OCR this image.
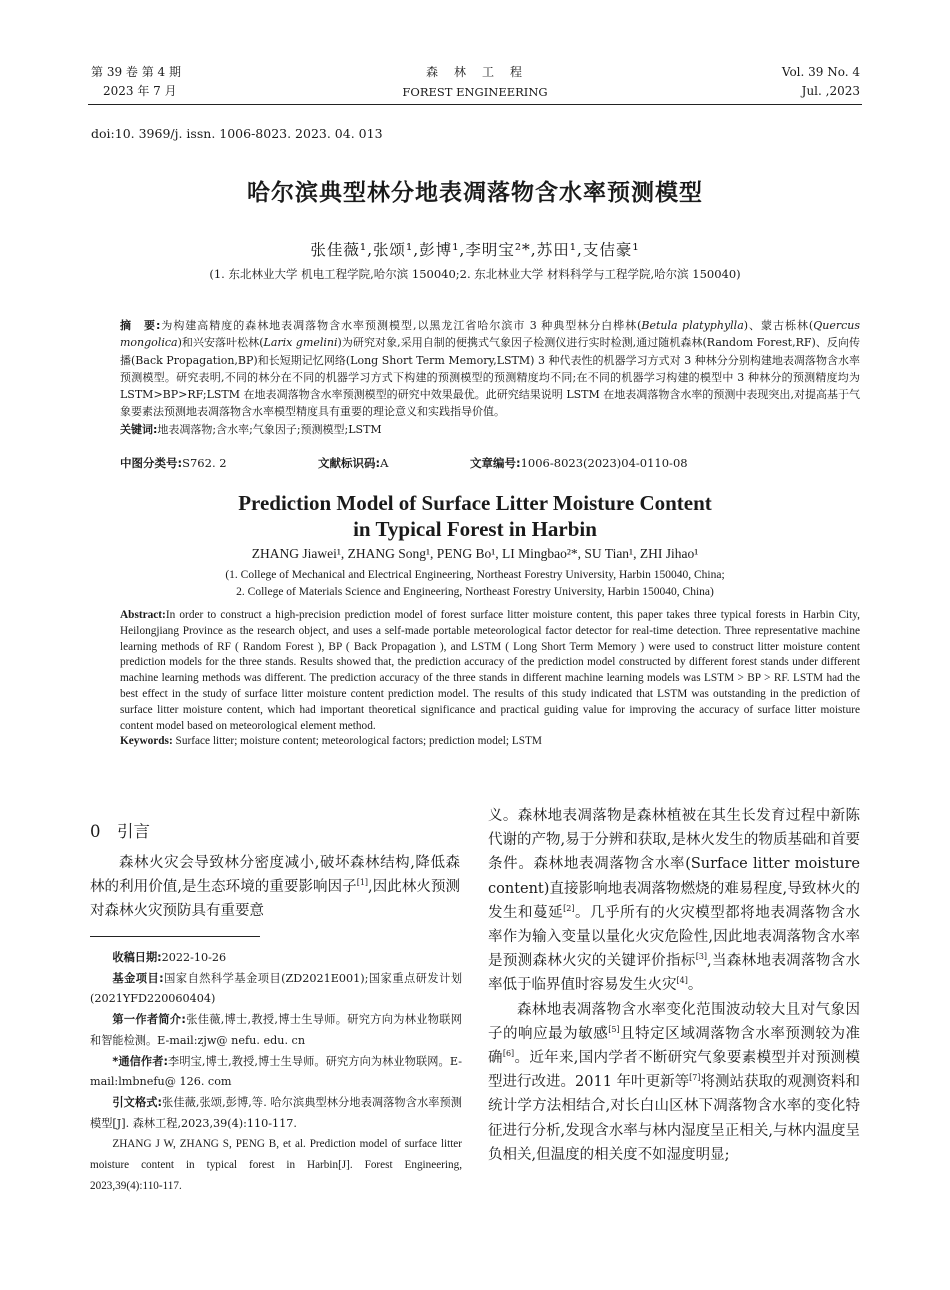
第 39 卷 第 4 期
2023 年 7 月
森　林　工　程
FOREST ENGINEERING
Vol. 39 No. 4
Jul. ,2023
doi:10. 3969/j. issn. 1006-8023. 2023. 04. 013
哈尔滨典型林分地表凋落物含水率预测模型
张佳薇¹,张颂¹,彭博¹,李明宝²*,苏田¹,支佶豪¹
(1. 东北林业大学 机电工程学院,哈尔滨 150040;2. 东北林业大学 材料科学与工程学院,哈尔滨 150040)
摘　要:为构建高精度的森林地表凋落物含水率预测模型,以黑龙江省哈尔滨市 3 种典型林分白桦林(Betula platyphylla)、蒙古栎林(Quercus mongolica)和兴安落叶松林(Larix gmelini)为研究对象,采用自制的便携式气象因子检测仪进行实时检测,通过随机森林(Random Forest,RF)、反向传播(Back Propagation,BP)和长短期记忆网络(Long Short Term Memory,LSTM) 3 种代表性的机器学习方式对 3 种林分分别构建地表凋落物含水率预测模型。研究表明,不同的林分在不同的机器学习方式下构建的预测模型的预测精度均不同;在不同的机器学习构建的模型中 3 种林分的预测精度均为 LSTM>BP>RF;LSTM 在地表凋落物含水率预测模型的研究中效果最优。此研究结果说明 LSTM 在地表凋落物含水率的预测中表现突出,对提高基于气象要素法预测地表凋落物含水率模型精度具有重要的理论意义和实践指导价值。
关键词:地表凋落物;含水率;气象因子;预测模型;LSTM
中图分类号:S762. 2	文献标识码:A	文章编号:1006-8023(2023)04-0110-08
Prediction Model of Surface Litter Moisture Content
in Typical Forest in Harbin
ZHANG Jiawei¹, ZHANG Song¹, PENG Bo¹, LI Mingbao²*, SU Tian¹, ZHI Jihao¹
(1. College of Mechanical and Electrical Engineering, Northeast Forestry University, Harbin 150040, China;
2. College of Materials Science and Engineering, Northeast Forestry University, Harbin 150040, China)
Abstract:In order to construct a high-precision prediction model of forest surface litter moisture content, this paper takes three typical forests in Harbin City, Heilongjiang Province as the research object, and uses a self-made portable meteorological factor detector for real-time detection. Three representative machine learning methods of RF ( Random Forest ), BP ( Back Propagation ), and LSTM ( Long Short Term Memory ) were used to construct litter moisture content prediction models for the three stands. Results showed that, the prediction accuracy of the prediction model constructed by different forest stands under different machine learning methods was different. The prediction accuracy of the three stands in different machine learning models was LSTM > BP > RF. LSTM had the best effect in the study of surface litter moisture content prediction model. The results of this study indicated that LSTM was outstanding in the prediction of surface litter moisture content, which had important theoretical significance and practical guiding value for improving the accuracy of surface litter moisture content model based on meteorological element method.
Keywords: Surface litter; moisture content; meteorological factors; prediction model; LSTM
0　引言
森林火灾会导致林分密度减小,破坏森林结构,降低森林的利用价值,是生态环境的重要影响因子[1],因此林火预测对森林火灾预防具有重要意

收稿日期:2022-10-26

基金项目:国家自然科学基金项目(ZD2021E001);国家重点研发计划(2021YFD220060404)

第一作者简介:张佳薇,博士,教授,博士生导师。研究方向为林业物联网和智能检测。E-mail:zjw@ nefu. edu. cn

*通信作者:李明宝,博士,教授,博士生导师。研究方向为林业物联网。E-mail:lmbnefu@ 126. com

引文格式:张佳薇,张颂,彭博,等. 哈尔滨典型林分地表凋落物含水率预测模型[J]. 森林工程,2023,39(4):110-117.

ZHANG J W, ZHANG S, PENG B, et al. Prediction model of surface litter moisture content in typical forest in Harbin[J]. Forest Engineering, 2023,39(4):110-117.

义。森林地表凋落物是森林植被在其生长发育过程中新陈代谢的产物,易于分辨和获取,是林火发生的物质基础和首要条件。森林地表凋落物含水率(Surface litter moisture content)直接影响地表凋落物燃烧的难易程度,导致林火的发生和蔓延[2]。几乎所有的火灾模型都将地表凋落物含水率作为输入变量以量化火灾危险性,因此地表凋落物含水率是预测森林火灾的关键评价指标[3],当森林地表凋落物含水率低于临界值时容易发生火灾[4]。

森林地表凋落物含水率变化范围波动较大且对气象因子的响应最为敏感[5]且特定区域凋落物含水率预测较为准确[6]。近年来,国内学者不断研究气象要素模型并对预测模型进行改进。2011 年叶更新等[7]将测站获取的观测资料和统计学方法相结合,对长白山区林下凋落物含水率的变化特征进行分析,发现含水率与林内湿度呈正相关,与林内温度呈负相关,但温度的相关度不如湿度明显;
